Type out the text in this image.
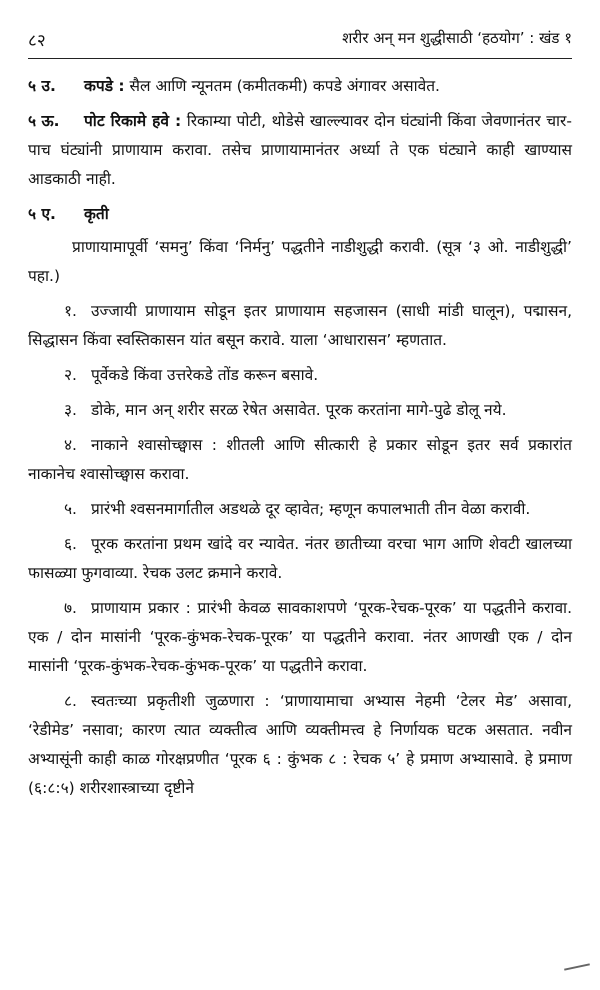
८२	शरीर अन् मन शुद्धीसाठी ‘हठयोग’ : खंड १

५ उ. कपडे : सैल आणि न्यूनतम (कमीतकमी) कपडे अंगावर असावेत.

५ ऊ. पोट रिकामे हवे : रिकाम्या पोटी, थोडेसे खाल्ल्यावर दोन घंट्यांनी किंवा जेवणानंतर चार-पाच घंट्यांनी प्राणायाम करावा. तसेच प्राणायामानंतर अर्ध्या ते एक घंट्याने काही खाण्यास आडकाठी नाही.

५ ए. कृती

प्राणायामापूर्वी ‘समनु’ किंवा ‘निर्मनु’ पद्धतीने नाडीशुद्धी करावी. (सूत्र ‘३ ओ. नाडीशुद्धी’ पहा.)

१. उज्जायी प्राणायाम सोडून इतर प्राणायाम सहजासन (साधी मांडी घालून), पद्मासन, सिद्धासन किंवा स्वस्तिकासन यांत बसून करावे. याला ‘आधारासन’ म्हणतात.

२. पूर्वेकडे किंवा उत्तरेकडे तोंड करून बसावे.

३. डोके, मान अन् शरीर सरळ रेषेत असावेत. पूरक करतांना मागे-पुढे डोलू नये.

४. नाकाने श्वासोच्छ्वास : शीतली आणि सीत्कारी हे प्रकार सोडून इतर सर्व प्रकारांत नाकानेच श्वासोच्छ्वास करावा.

५. प्रारंभी श्वसनमार्गातील अडथळे दूर व्हावेत; म्हणून कपालभाती तीन वेळा करावी.

६. पूरक करतांना प्रथम खांदे वर न्यावेत. नंतर छातीच्या वरचा भाग आणि शेवटी खालच्या फासळ्या फुगवाव्या. रेचक उलट क्रमाने करावे.

७. प्राणायाम प्रकार : प्रारंभी केवळ सावकाशपणे ‘पूरक-रेचक-पूरक’ या पद्धतीने करावा. एक / दोन मासांनी ‘पूरक-कुंभक-रेचक-पूरक’ या पद्धतीने करावा. नंतर आणखी एक / दोन मासांनी ‘पूरक-कुंभक-रेचक-कुंभक-पूरक’ या पद्धतीने करावा.

८. स्वतःच्या प्रकृतीशी जुळणारा : ‘प्राणायामाचा अभ्यास नेहमी ‘टेलर मेड’ असावा, ‘रेडीमेड’ नसावा; कारण त्यात व्यक्तीत्व आणि व्यक्तीमत्त्व हे निर्णायक घटक असतात. नवीन अभ्यासूंनी काही काळ गोरक्षप्रणीत ‘पूरक ६ : कुंभक ८ : रेचक ५’ हे प्रमाण अभ्यासावे. हे प्रमाण (६:८:५) शरीरशास्त्राच्या दृष्टीने
